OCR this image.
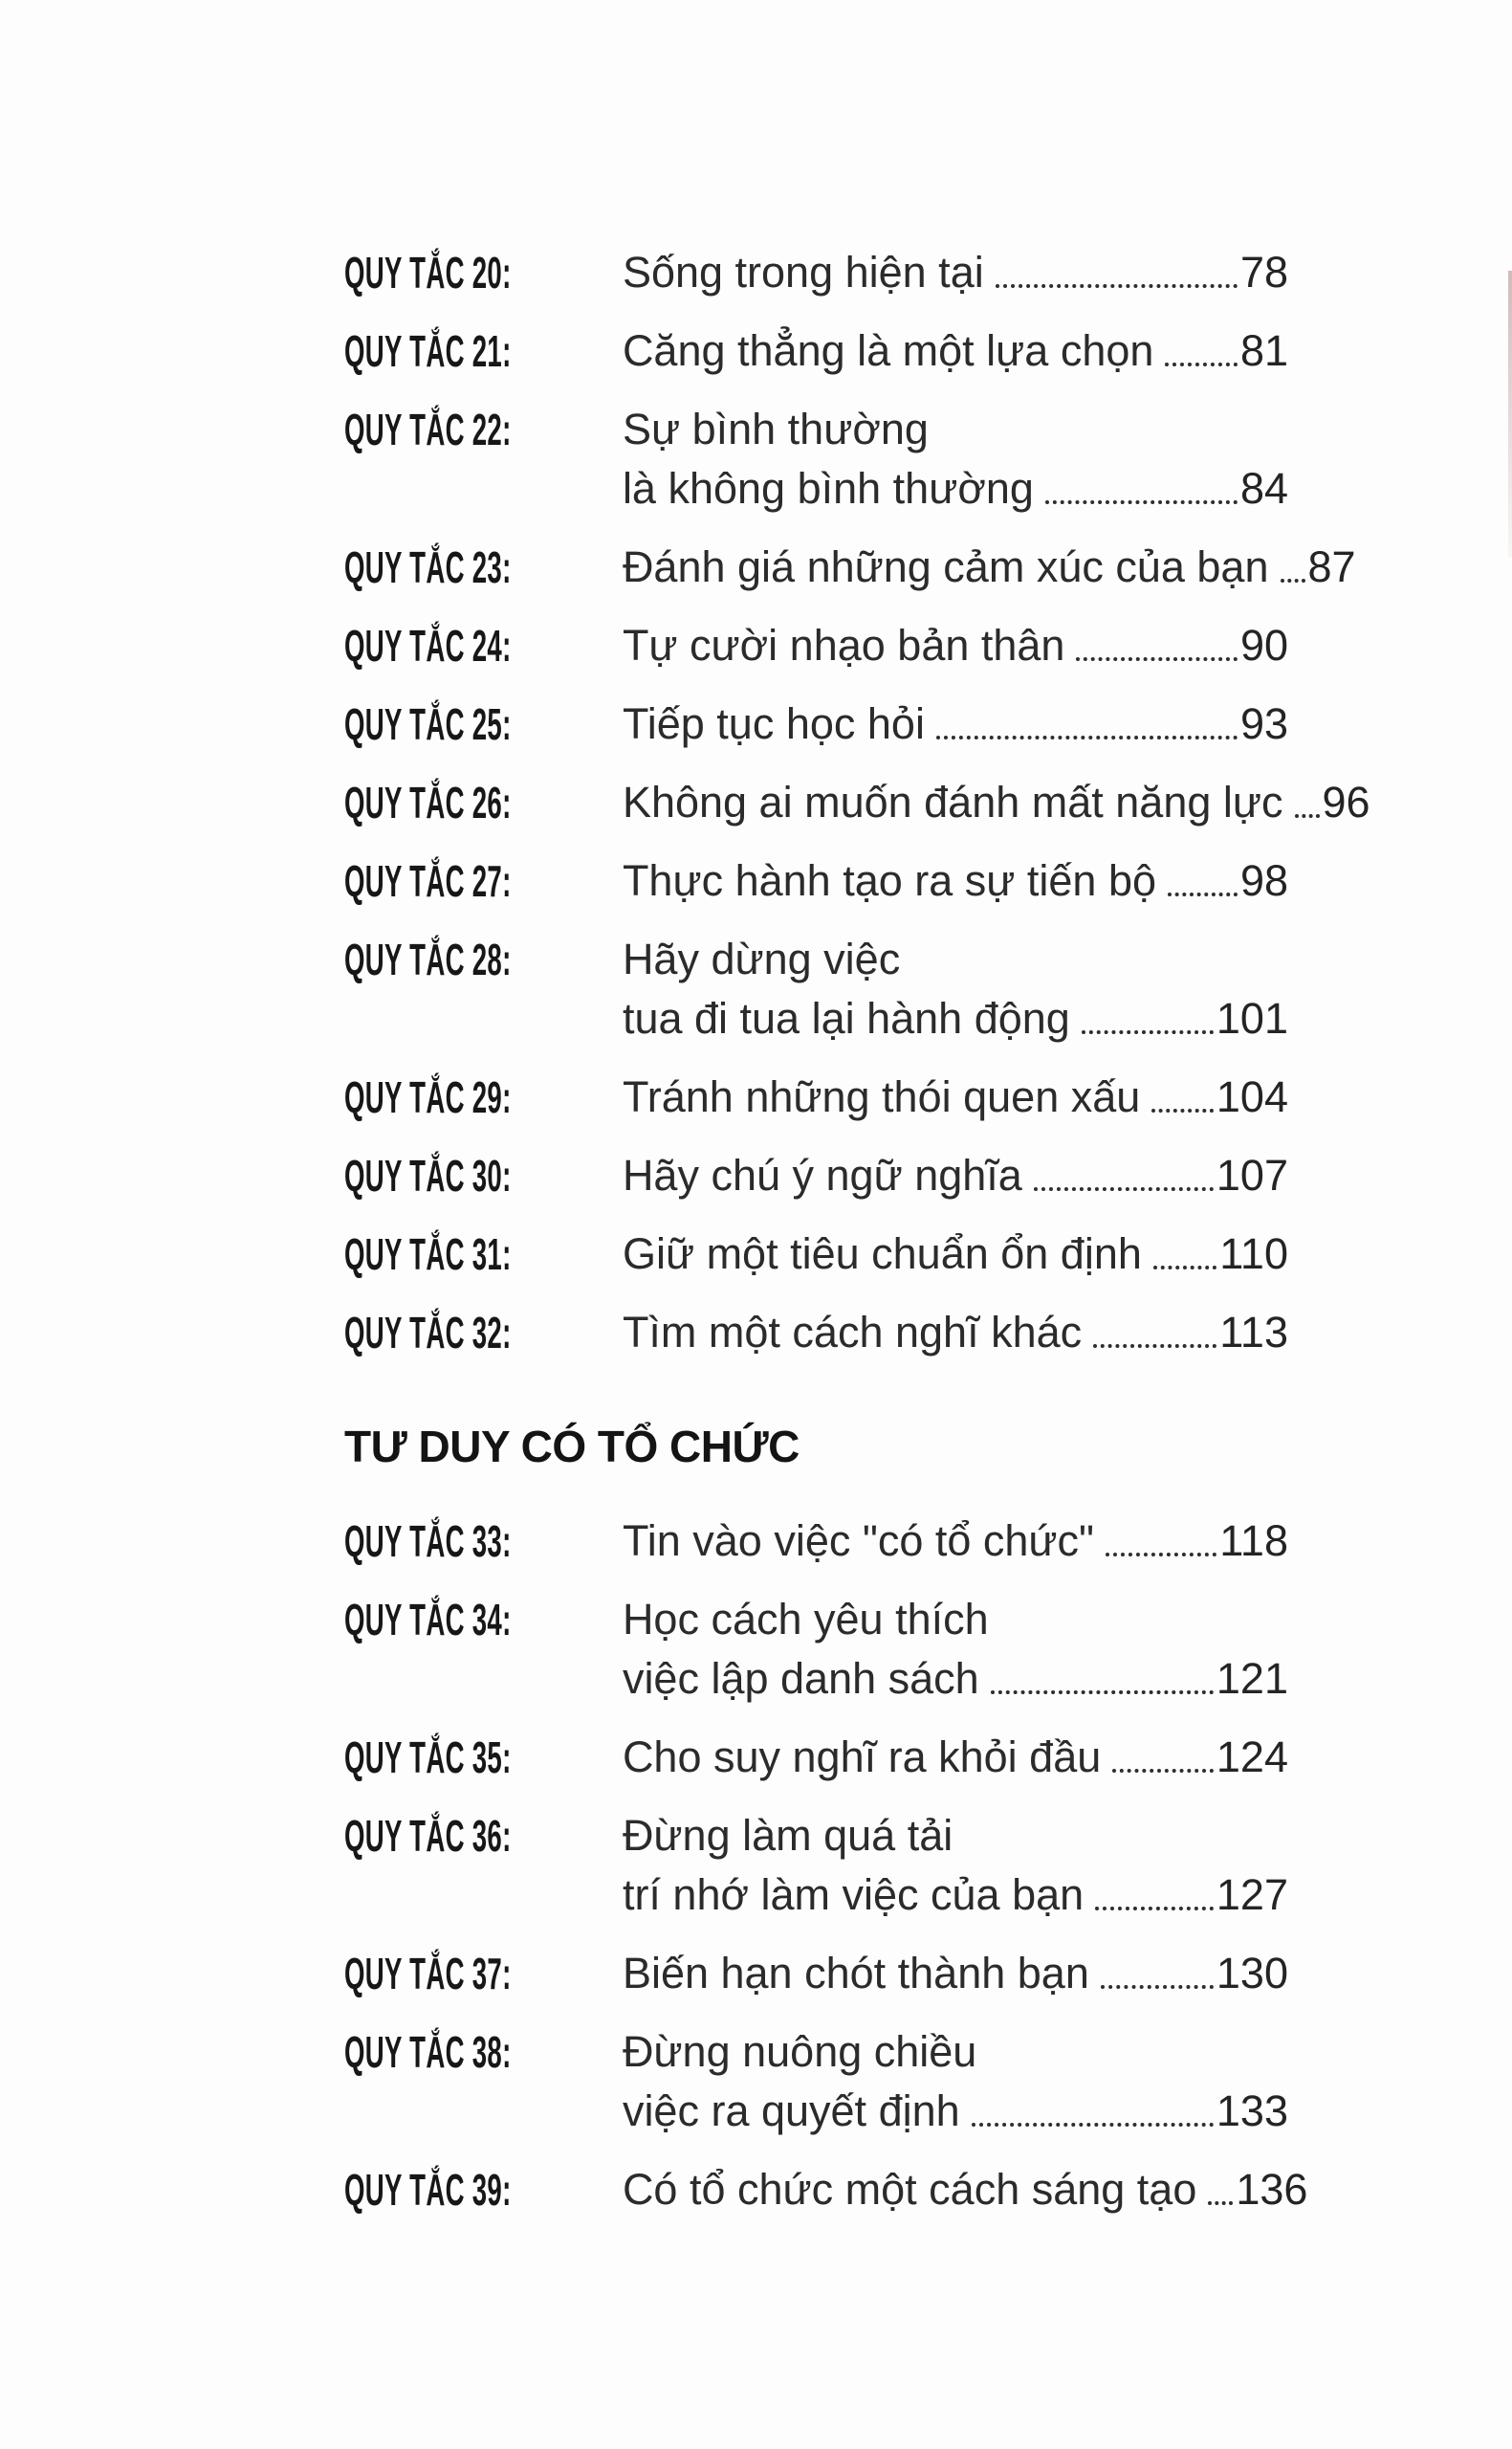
QUY TẮC 20:	Sống trong hiện tại	78
QUY TẮC 21:	Căng thẳng là một lựa chọn 81
QUY TẮC 22:	Sự bình thường
là không bình thường	84
QUY TẮC 23:	Đánh giá những cảm xúc của bạn 87
QUY TẮC 24:	Tự cười nhạo bản thân	90
QUY TẮC 25:	Tiếp tục học hỏi	93
QUY TẮC 26:	Không ai muốn đánh mất năng lực 96
QUY TẮC 27:	Thực hành tạo ra sự tiến bộ 98
QUY TẮC 28:	Hãy dừng việc
tua đi tua lại hành động	101
QUY TẮC 29:	Tránh những thói quen xấu 104
QUY TẮC 30:	Hãy chú ý ngữ nghĩa	107
QUY TẮC 31:	Giữ một tiêu chuẩn ổn định 110
QUY TẮC 32:	Tìm một cách nghĩ khác	113
TƯ DUY CÓ TỔ CHỨC
QUY TẮC 33:	Tin vào việc "có tổ chức"	118
QUY TẮC 34:	Học cách yêu thích
việc lập danh sách	121
QUY TẮC 35:	Cho suy nghĩ ra khỏi đầu	124
QUY TẮC 36:	Đừng làm quá tải
trí nhớ làm việc của bạn	127
QUY TẮC 37:	Biến hạn chót thành bạn	130
QUY TẮC 38:	Đừng nuông chiều
việc ra quyết định	133
QUY TẮC 39:	Có tổ chức một cách sáng tạo 136
